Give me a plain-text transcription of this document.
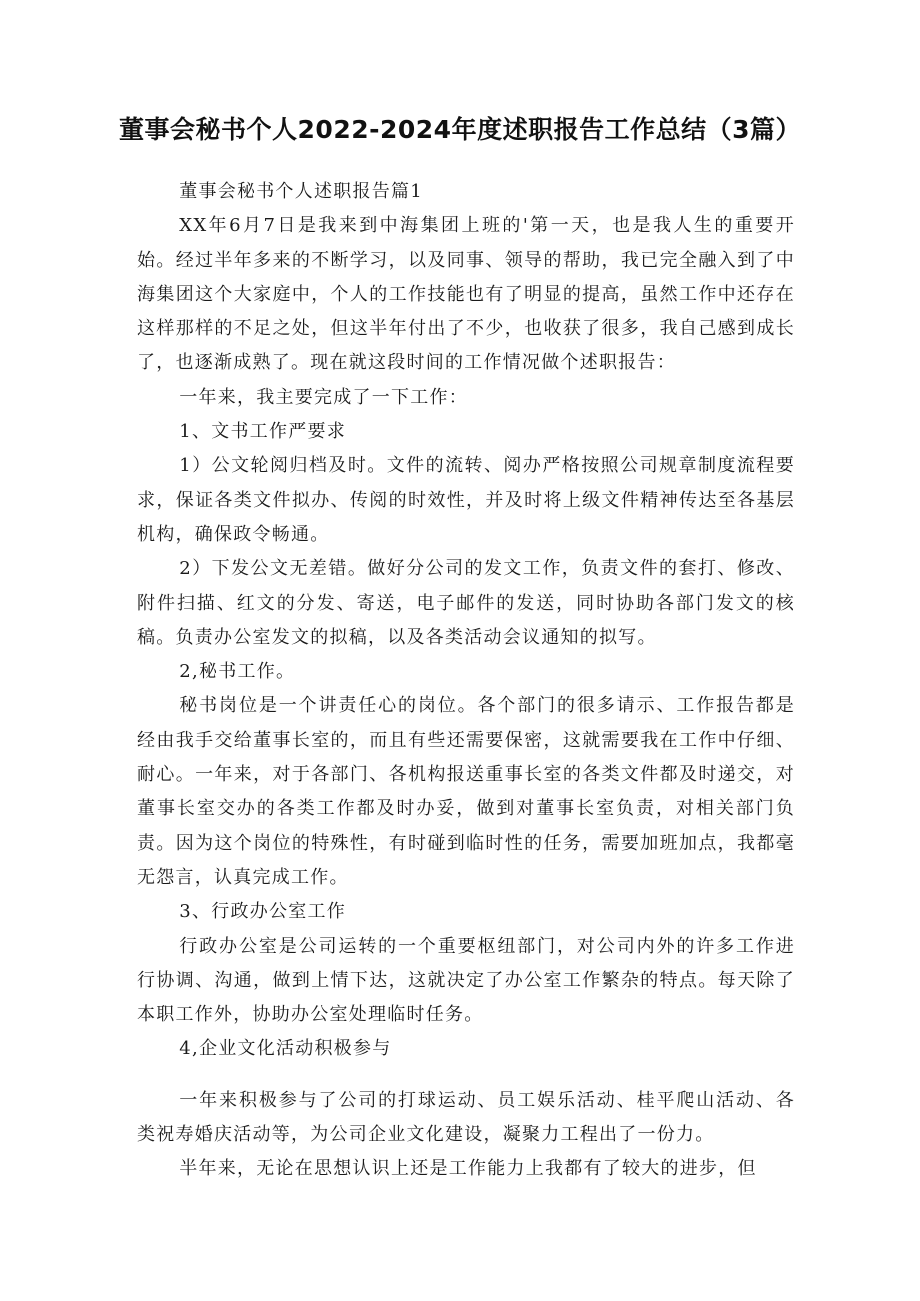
董事会秘书个人2022-2024年度述职报告工作总结（3篇）

董事会秘书个人述职报告篇1

XX年6月7日是我来到中海集团上班的'第一天，也是我人生的重要开始。经过半年多来的不断学习，以及同事、领导的帮助，我已完全融入到了中海集团这个大家庭中，个人的工作技能也有了明显的提高，虽然工作中还存在这样那样的不足之处，但这半年付出了不少，也收获了很多，我自己感到成长了，也逐渐成熟了。现在就这段时间的工作情况做个述职报告：

一年来，我主要完成了一下工作：

1、文书工作严要求

1）公文轮阅归档及时。文件的流转、阅办严格按照公司规章制度流程要求，保证各类文件拟办、传阅的时效性，并及时将上级文件精神传达至各基层机构，确保政令畅通。

2）下发公文无差错。做好分公司的发文工作，负责文件的套打、修改、附件扫描、红文的分发、寄送，电子邮件的发送，同时协助各部门发文的核稿。负责办公室发文的拟稿，以及各类活动会议通知的拟写。

2,秘书工作。

秘书岗位是一个讲责任心的岗位。各个部门的很多请示、工作报告都是经由我手交给董事长室的，而且有些还需要保密，这就需要我在工作中仔细、耐心。一年来，对于各部门、各机构报送重事长室的各类文件都及时递交，对董事长室交办的各类工作都及时办妥，做到对董事长室负责，对相关部门负责。因为这个岗位的特殊性，有时碰到临时性的任务，需要加班加点，我都毫无怨言，认真完成工作。

3、行政办公室工作

行政办公室是公司运转的一个重要枢纽部门，对公司内外的许多工作进行协调、沟通，做到上情下达，这就决定了办公室工作繁杂的特点。每天除了本职工作外，协助办公室处理临时任务。

4,企业文化活动积极参与

一年来积极参与了公司的打球运动、员工娱乐活动、桂平爬山活动、各类祝寿婚庆活动等，为公司企业文化建设，凝聚力工程出了一份力。

半年来，无论在思想认识上还是工作能力上我都有了较大的进步，但
